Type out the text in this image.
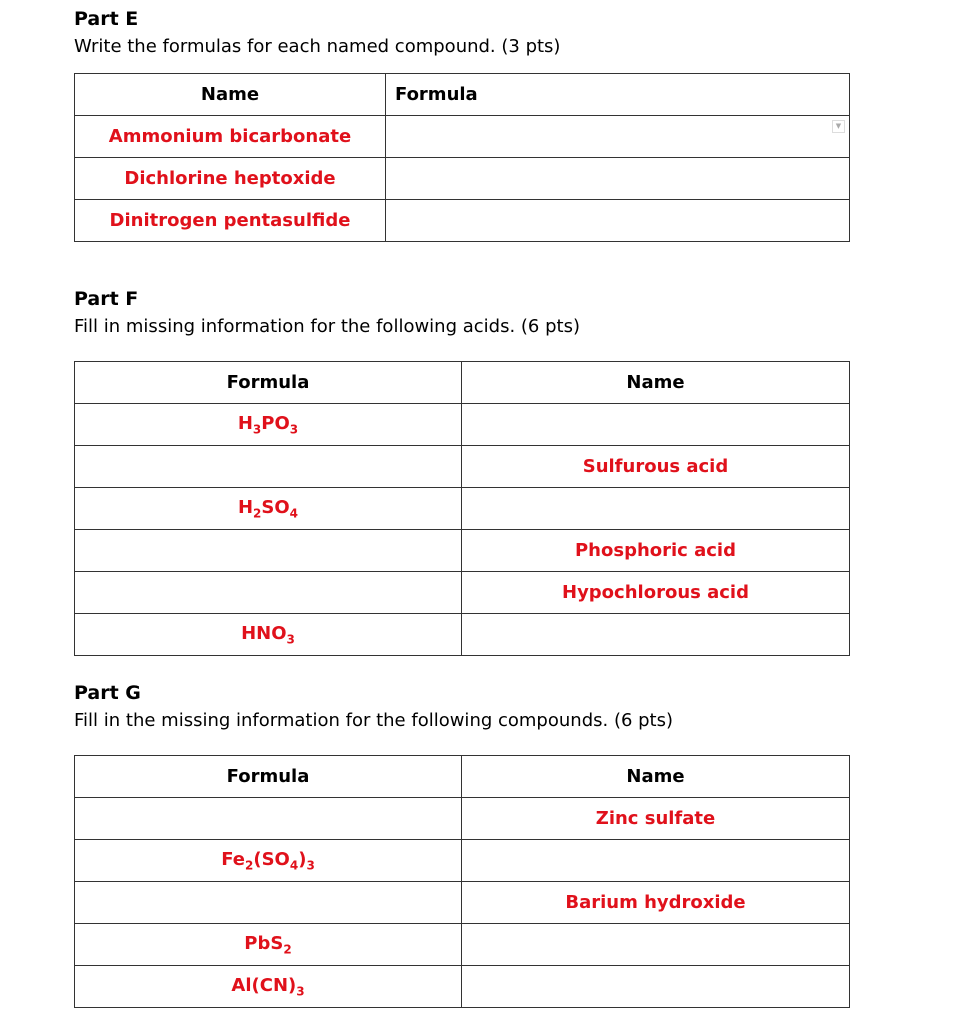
Part E
Write the formulas for each named compound. (3 pts)
Name	Formula
Ammonium bicarbonate	▼

Dichlorine heptoxide	
Dinitrogen pentasulfide	
Part F
Fill in missing information for the following acids. (6 pts)
Formula	Name
$H_3PO_3$	
	Sulfurous acid
$H_2SO_4$	
	Phosphoric acid
	Hypochlorous acid
$HNO_3$	
Part G
Fill in the missing information for the following compounds. (6 pts)
Formula	Name
	Zinc sulfate
$Fe_2(SO_4)_3$	
	Barium hydroxide
PbS$_2$	
$Al(CN)_3$	
